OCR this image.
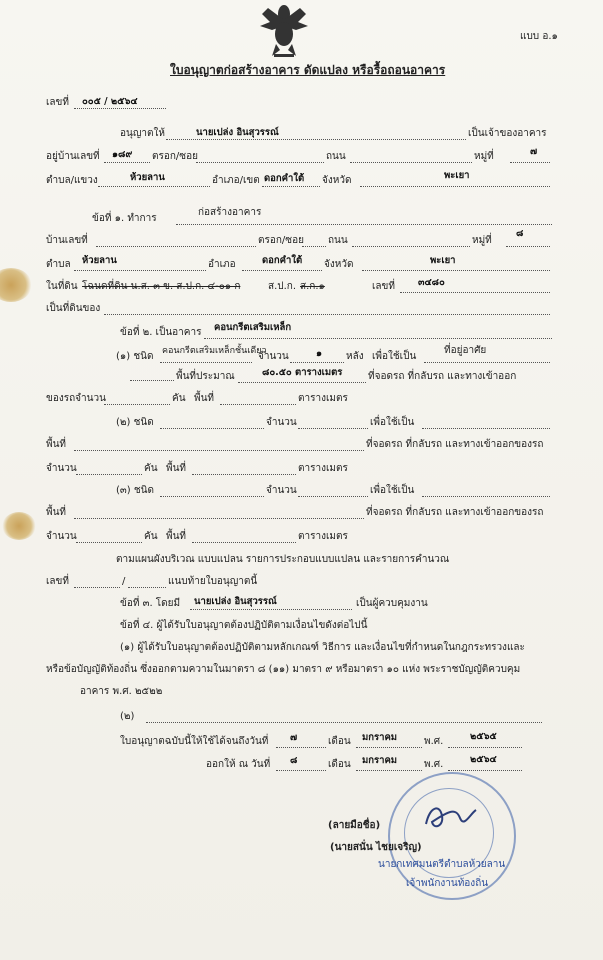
แบบ อ.๑
ใบอนุญาตก่อสร้างอาคาร ดัดแปลง หรือรื้อถอนอาคาร
เลขที่ ๐๐๕ / ๒๕๖๔
อนุญาตให้	นายเปล่ง อินสุวรรณ์	เป็นเจ้าของอาคาร
อยู่บ้านเลขที่ ๑๘๙ ตรอก/ซอย	ถนน	หมู่ที่	๗
ตำบล/แขวง	ห้วยลาน	อำเภอ/เขต ดอกคำใต้ จังหวัด	พะเยา
ข้อที่ ๑. ทำการ
ก่อสร้างอาคาร
บ้านเลขที่	ตรอก/ซอย ถนน	หมู่ที่
๘
ตำบล ห้วยลาน	อำเภอ	ดอกคำใต้ จังหวัด	พะเยา
ในที่ดิน โฉนดที่ดิน น.ส. ๓ ข. ส.ป.ก. ๔-๐๑ ก	ส.ป.ก. ส.ก.๑	เลขที่ ๓๔๘๐
เป็นที่ดินของ
ข้อที่ ๒. เป็นอาคาร คอนกรีตเสริมเหล็ก
(๑) ชนิด คอนกรีตเสริมเหล็กชั้นเดียว
จำนวน	๑ หลัง เพื่อใช้เป็น
ที่อยู่อาศัย
พื้นที่ประมาณ	๘๐.๕๐ ตารางเมตร	ที่จอดรถ ที่กลับรถ และทางเข้าออก
ของรถจำนวน	คัน พื้นที่	ตารางเมตร
(๒) ชนิด	จำนวน	เพื่อใช้เป็น
พื้นที่	ที่จอดรถ ที่กลับรถ และทางเข้าออกของรถ
จำนวน	คัน พื้นที่	ตารางเมตร
(๓) ชนิด	จำนวน	เพื่อใช้เป็น
พื้นที่	ที่จอดรถ ที่กลับรถ และทางเข้าออกของรถ
จำนวน	คัน พื้นที่	ตารางเมตร
ตามแผนผังบริเวณ แบบแปลน รายการประกอบแบบแปลน และรายการคำนวณ
เลขที่	/	แนบท้ายใบอนุญาตนี้
ข้อที่ ๓. โดยมี นายเปล่ง อินสุวรรณ์	เป็นผู้ควบคุมงาน
ข้อที่ ๔. ผู้ได้รับใบอนุญาตต้องปฏิบัติตามเงื่อนไขดังต่อไปนี้
(๑) ผู้ได้รับใบอนุญาตต้องปฏิบัติตามหลักเกณฑ์ วิธีการ และเงื่อนไขที่กำหนดในกฎกระทรวงและ
หรือข้อบัญญัติท้องถิ่น ซึ่งออกตามความในมาตรา ๘ (๑๑) มาตรา ๙ หรือมาตรา ๑๐ แห่ง พระราชบัญญัติควบคุม
อาคาร พ.ศ. ๒๕๒๒
(๒)
ใบอนุญาตฉบับนี้ให้ใช้ได้จนถึงวันที่ ๗	เดือน มกราคม	พ.ศ.	๒๕๖๕
ออกให้ ณ วันที่ ๘	เดือน มกราคม	พ.ศ.	๒๕๖๔
(ลายมือชื่อ)
(นายสนั่น ไชยเจริญ)
นายกเทศมนตรีตำบลห้วยลาน
เจ้าพนักงานท้องถิ่น
